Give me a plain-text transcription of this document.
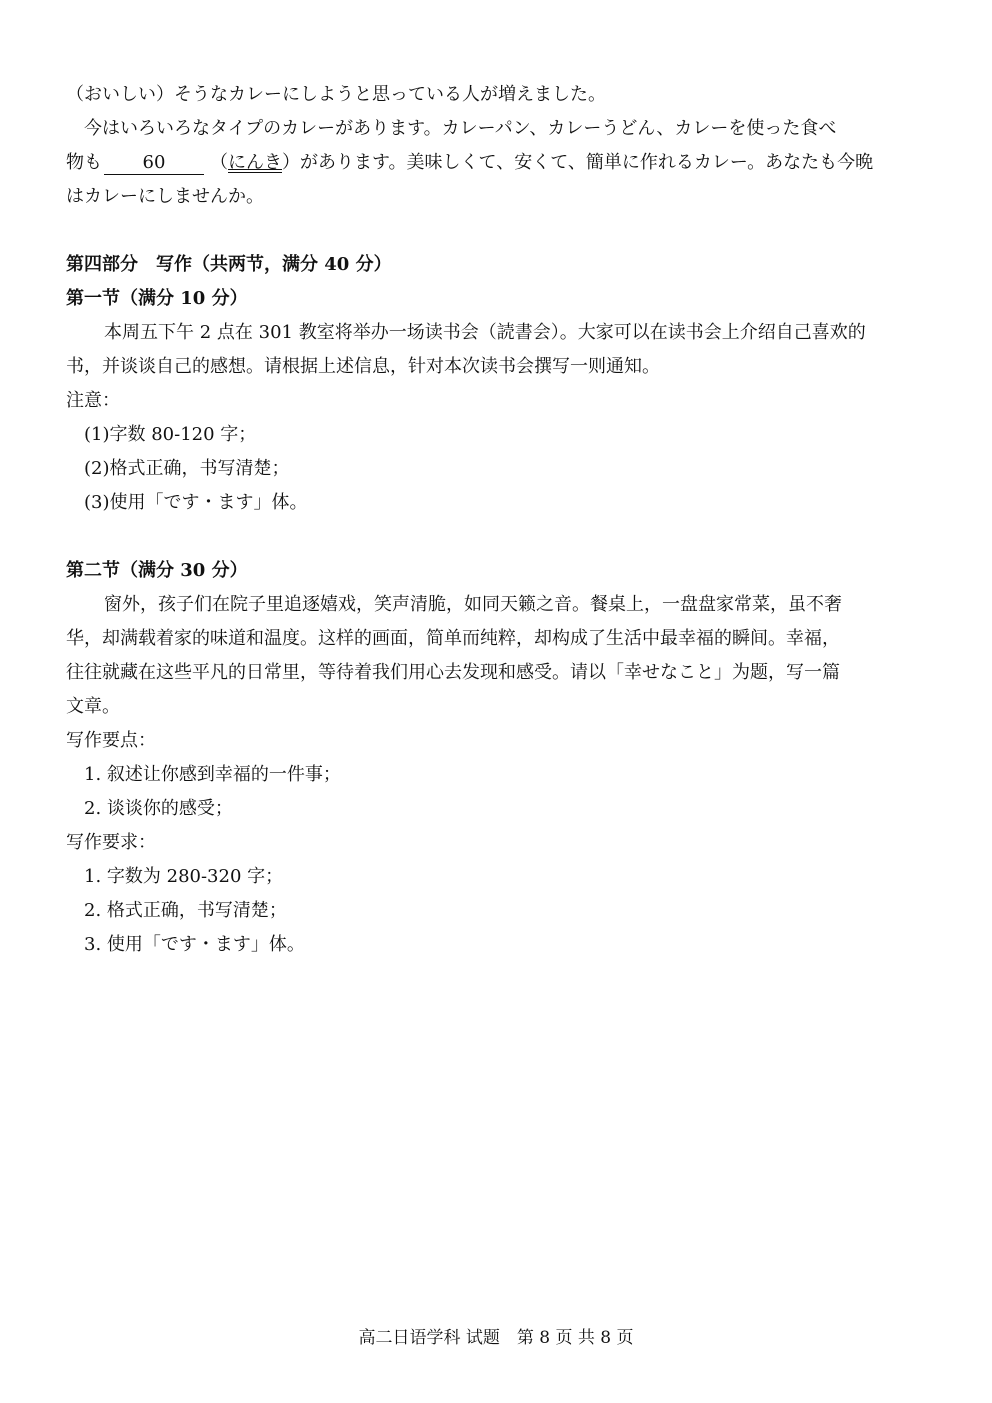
（おいしい）そうなカレーにしようと思っている人が増えました。
今はいろいろなタイプのカレーがあります。カレーパン、カレーうどん、カレーを使った食べ
物も 60 （にんき）があります。美味しくて、安くて、簡単に作れるカレー。あなたも今晩
はカレーにしませんか。
第四部分　写作（共两节，满分 40 分）
第一节（满分 10 分）
本周五下午 2 点在 301 教室将举办一场读书会（読書会）。大家可以在读书会上介绍自己喜欢的
书，并谈谈自己的感想。请根据上述信息，针对本次读书会撰写一则通知。
注意：
(1)字数 80-120 字；
(2)格式正确，书写清楚；
(3)使用「です・ます」体。
第二节（满分 30 分）
窗外，孩子们在院子里追逐嬉戏，笑声清脆，如同天籁之音。餐桌上，一盘盘家常菜，虽不奢
华，却满载着家的味道和温度。这样的画面，简单而纯粹，却构成了生活中最幸福的瞬间。幸福，
往往就藏在这些平凡的日常里，等待着我们用心去发现和感受。请以「幸せなこと」为题，写一篇
文章。
写作要点：
1. 叙述让你感到幸福的一件事；
2. 谈谈你的感受；
写作要求：
1. 字数为 280-320 字；
2. 格式正确，书写清楚；
3. 使用「です・ます」体。
高二日语学科 试题　第 8 页 共 8 页
